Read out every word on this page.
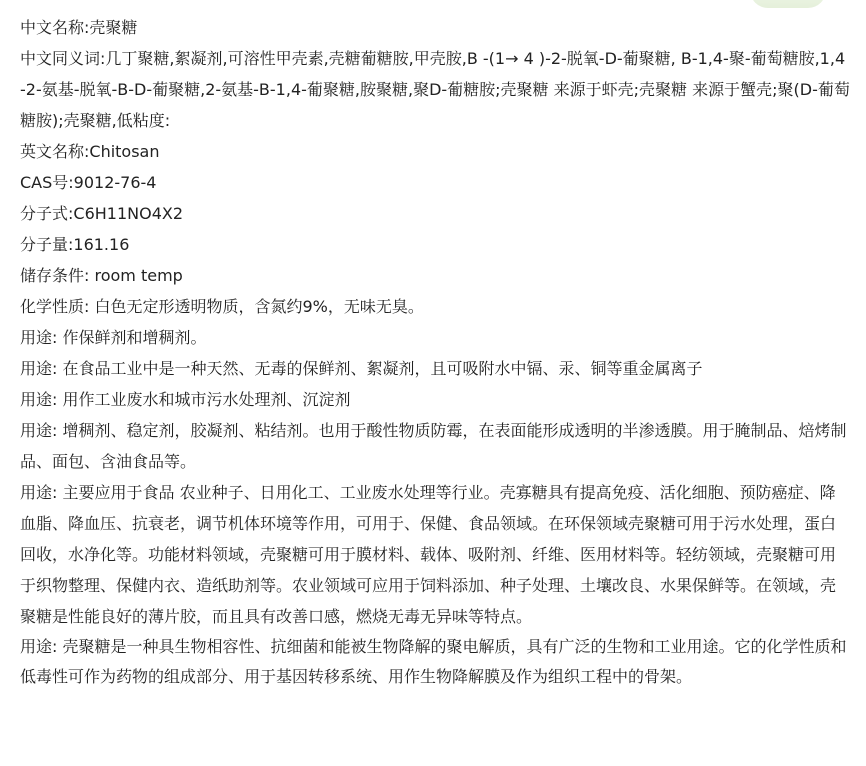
中文名称:壳聚糖

中文同义词:几丁聚糖,絮凝剂,可溶性甲壳素,壳糖葡糖胺,甲壳胺,B -(1→ 4 )-2-脱氧-D-葡聚糖, B-1,4-聚-葡萄糖胺,1,4-2-氨基-脱氧-B-D-葡聚糖,2-氨基-B-1,4-葡聚糖,胺聚糖,聚D-葡糖胺;壳聚糖 来源于虾壳;壳聚糖 来源于蟹壳;聚(D-葡萄糖胺);壳聚糖,低粘度:

英文名称:Chitosan

CAS号:9012-76-4

分子式:C6H11NO4X2

分子量:161.16

储存条件: room temp

化学性质: 白色无定形透明物质，含氮约9%，无味无臭。

用途: 作保鲜剂和增稠剂。

用途: 在食品工业中是一种天然、无毒的保鲜剂、絮凝剂，且可吸附水中镉、汞、铜等重金属离子

用途: 用作工业废水和城市污水处理剂、沉淀剂

用途: 增稠剂、稳定剂，胶凝剂、粘结剂。也用于酸性物质防霉，在表面能形成透明的半渗透膜。用于腌制品、焙烤制品、面包、含油食品等。

用途: 主要应用于食品 农业种子、日用化工、工业废水处理等行业。壳寡糖具有提高免疫、活化细胞、预防癌症、降血脂、降血压、抗衰老，调节机体环境等作用，可用于、保健、食品领域。在环保领域壳聚糖可用于污水处理，蛋白回收，水净化等。功能材料领域，壳聚糖可用于膜材料、载体、吸附剂、纤维、医用材料等。轻纺领域，壳聚糖可用于织物整理、保健内衣、造纸助剂等。农业领域可应用于饲料添加、种子处理、土壤改良、水果保鲜等。在领域，壳聚糖是性能良好的薄片胶，而且具有改善口感，燃烧无毒无异味等特点。

用途: 壳聚糖是一种具生物相容性、抗细菌和能被生物降解的聚电解质，具有广泛的生物和工业用途。它的化学性质和低毒性可作为药物的组成部分、用于基因转移系统、用作生物降解膜及作为组织工程中的骨架。
